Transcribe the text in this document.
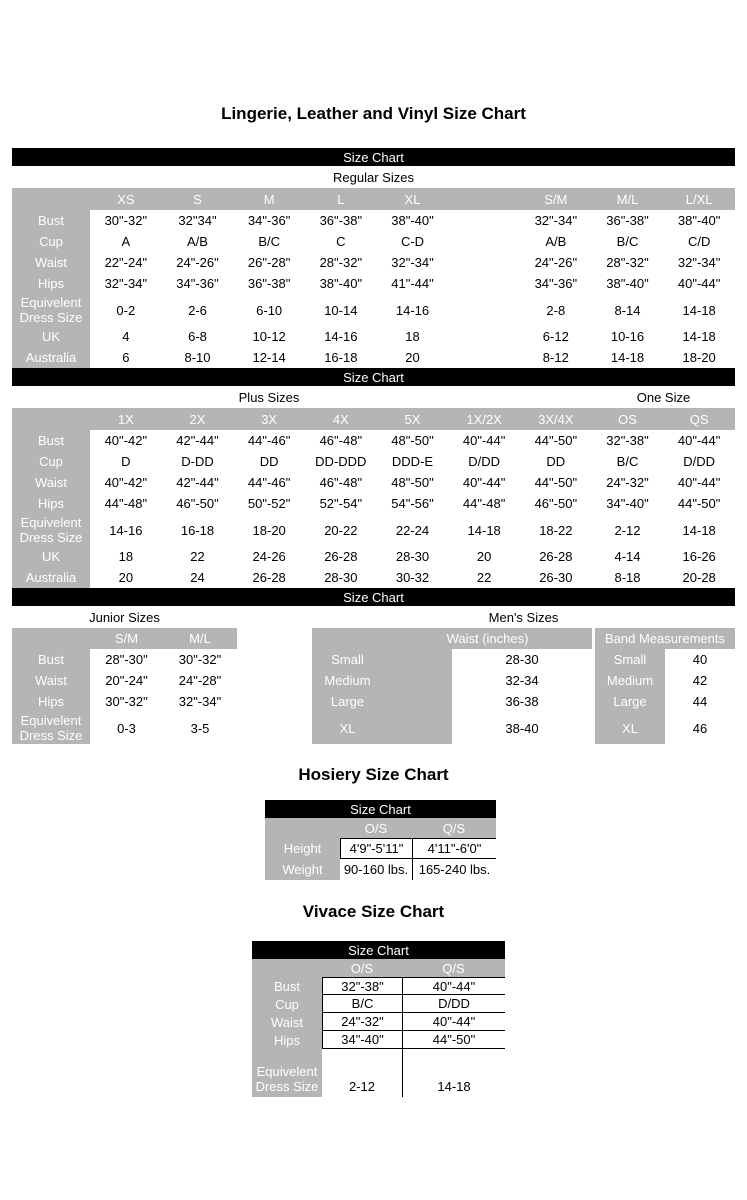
Lingerie, Leather and Vinyl Size Chart
Size Chart
Regular Sizes
XS	S	M	L	XL	S/M	M/L	L/XL
Bust	30"-32" 32"34" 34"-36" 36"-38" 38"-40"	32"-34" 36"-38" 38"-40"
Cup	A	A/B	B/C	C	C-D	A/B	B/C	C/D
Waist	22"-24" 24"-26" 26"-28" 28"-32" 32"-34"	24"-26" 28"-32" 32"-34"
Hips	32"-34" 34"-36" 36"-38" 38"-40" 41"-44"	34"-36" 38"-40" 40"-44"
Equivelent Dress Size	0-2	2-6	6-10	10-14	14-16	2-8	8-14	14-18
UK	4	6-8	10-12	14-16	18	6-12	10-16	14-18
Australia	6	8-10	12-14	16-18	20	8-12	14-18	18-20
Size Chart
Plus Sizes	One Size
1X	2X	3X	4X	5X	1X/2X	3X/4X	OS	QS
Bust	40"-42" 42"-44" 44"-46" 46"-48" 48"-50" 40"-44" 44"-50" 32"-38" 40"-44"
Cup	D	D-DD	DD	DD-DDD DDD-E	D/DD	DD	B/C	D/DD
Waist	40"-42" 42"-44" 44"-46" 46"-48" 48"-50" 40"-44" 44"-50" 24"-32" 40"-44"
Hips	44"-48" 46"-50" 50"-52" 52"-54" 54"-56" 44"-48" 46"-50" 34"-40" 44"-50"
Equivelent Dress Size	14-16	16-18	18-20	20-22	22-24	14-18	18-22	2-12	14-18
UK	18	22	24-26	26-28	28-30	20	26-28	4-14	16-26
Australia	20	24	26-28	28-30	30-32	22	26-30	8-18	20-28
Size Chart
Junior Sizes	Men's Sizes
S/M	M/L
Bust	28"-30" 30"-32"
Waist	20"-24" 24"-28"
Hips	30"-32" 32"-34"
Equivelent Dress Size	0-3	3-5
Waist (inches)
Small	28-30
Medium	32-34
Large	36-38
XL	38-40
Band Measurements
Small	40
Medium	42
Large	44
XL	46
Hosiery Size Chart
Size Chart
O/S	Q/S
Height 4'9"-5'11" 4'11"-6'0"
Weight 90-160 lbs. 165-240 lbs.
Vivace Size Chart
Size Chart
O/S	Q/S
Bust	32"-38"	40"-44"
Cup	B/C	D/DD
Waist	24"-32"	40"-44"
Hips	34"-40"	44"-50"
Equivelent Dress Size 2-12	14-18
